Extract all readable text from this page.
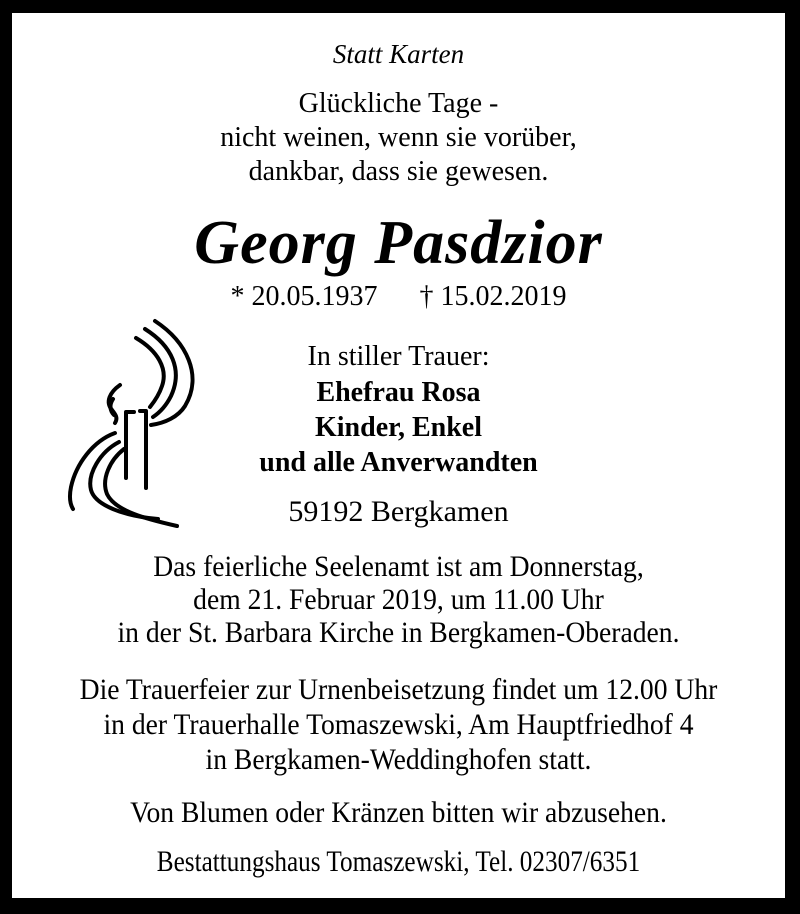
Statt Karten
Glückliche Tage -
nicht weinen, wenn sie vorüber,
dankbar, dass sie gewesen.
Georg Pasdzior
* 20.05.1937 † 15.02.2019
In stiller Trauer:
Ehefrau Rosa
Kinder, Enkel
und alle Anverwandten
59192 Bergkamen
Das feierliche Seelenamt ist am Donnerstag,
dem 21. Februar 2019, um 11.00 Uhr
in der St. Barbara Kirche in Bergkamen-Oberaden.
Die Trauerfeier zur Urnenbeisetzung findet um 12.00 Uhr
in der Trauerhalle Tomaszewski, Am Hauptfriedhof 4
in Bergkamen-Weddinghofen statt.
Von Blumen oder Kränzen bitten wir abzusehen.
Bestattungshaus Tomaszewski, Tel. 02307/6351
